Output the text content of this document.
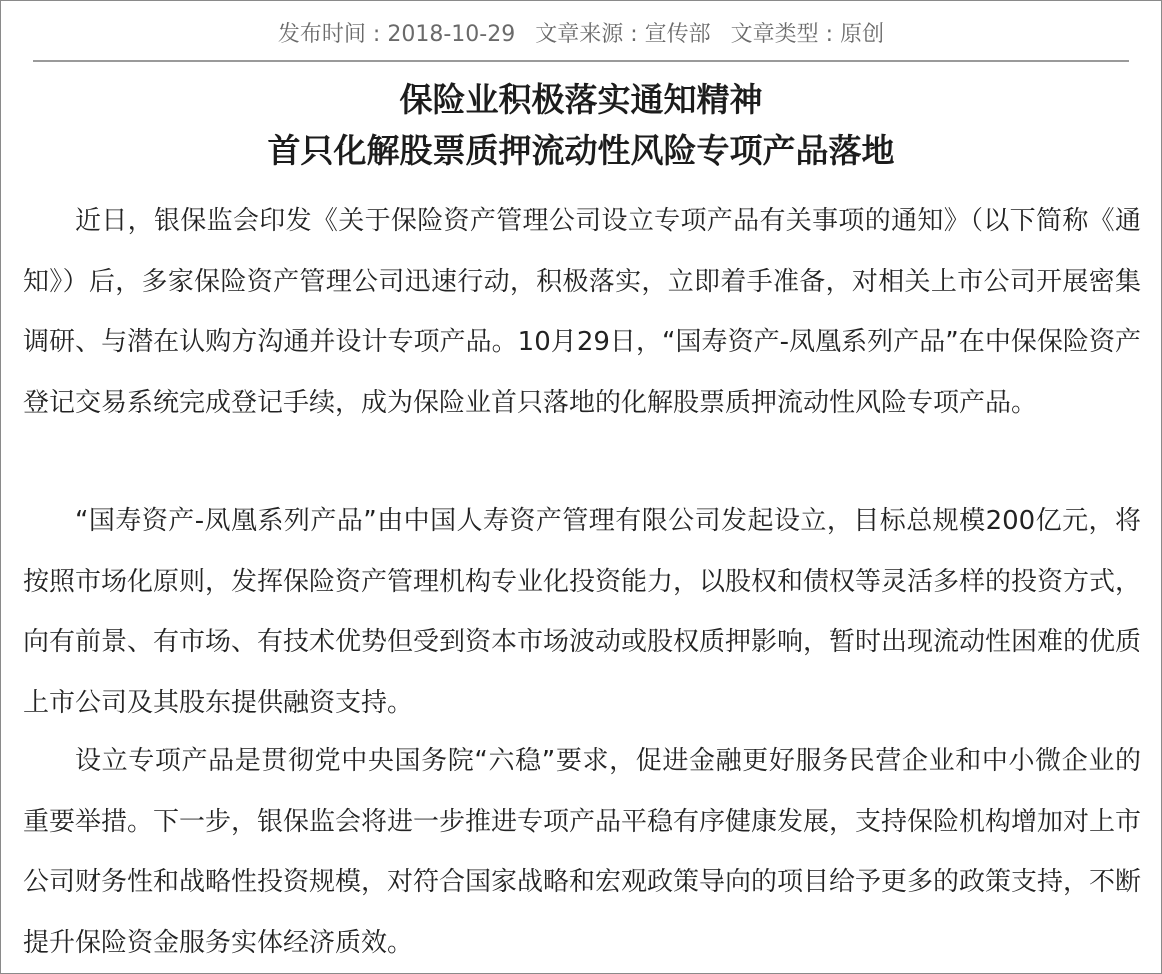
发布时间 : 2018-10-29 文章来源 : 宣传部 文章类型 : 原创
保险业积极落实通知精神
首只化解股票质押流动性风险专项产品落地

近日，银保监会印发《关于保险资产管理公司设立专项产品有关事项的通知》（以下简称《通知》）后，多家保险资产管理公司迅速行动，积极落实，立即着手准备，对相关上市公司开展密集调研、与潜在认购方沟通并设计专项产品。10月29日，“国寿资产-凤凰系列产品”在中保保险资产登记交易系统完成登记手续，成为保险业首只落地的化解股票质押流动性风险专项产品。

“国寿资产-凤凰系列产品”由中国人寿资产管理有限公司发起设立，目标总规模200亿元，将按照市场化原则，发挥保险资产管理机构专业化投资能力，以股权和债权等灵活多样的投资方式，向有前景、有市场、有技术优势但受到资本市场波动或股权质押影响，暂时出现流动性困难的优质上市公司及其股东提供融资支持。

设立专项产品是贯彻党中央国务院“六稳”要求，促进金融更好服务民营企业和中小微企业的重要举措。下一步，银保监会将进一步推进专项产品平稳有序健康发展，支持保险机构增加对上市公司财务性和战略性投资规模，对符合国家战略和宏观政策导向的项目给予更多的政策支持，不断提升保险资金服务实体经济质效。
